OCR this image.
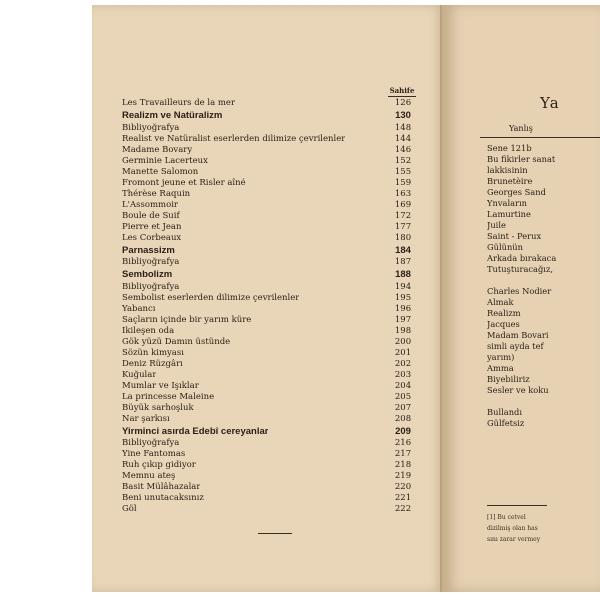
Sahife
Les Travailleurs de la mer	126
Realizm ve Natüralizm	130
Bibliyoğrafya	148
Realist ve Natüralist eserlerden dilimize çevrilenler	144
Madame Bovary	146
Germinie Lacerteux	152
Manette Salomon	155
Fromont jeune et Risler aîné	159
Thérèse Raquin	163
L'Assommoir	169
Boule de Suif	172
Pierre et Jean	177
Les Corbeaux	180
Parnassizm	184
Bibliyoğrafya	187
Sembolizm	188
Bibliyoğrafya	194
Sembolist eserlerden dilimize çevrilenler	195
Yabancı	196
Saçların içinde bir yarım küre	197
İkileşen oda	198
Gök yüzü Damın üstünde	200
Sözün kimyası	201
Deniz Rüzgârı	202
Kuğular	203
Mumlar ve Işıklar	204
La princesse Maleine	205
Büyük sarhoşluk	207
Nar şarkısı	208
Yirminci asırda Edebî cereyanlar	209
Bibliyoğrafya	216
Yine Fantomas	217
Ruh çıkıp gidiyor	218
Memnu ateş	219
Basit Mülâhazalar	220
Beni unutacaksınız	221
Göl	222
Ya
Yanlış
Sene 121b
Bu fikirler sanat
lakkisinin
Brunetèire
Georges Sand
Ynvaların
Lamurtine
Juile
Saint - Perux
Gülünün
Arkada bırakaca
Tutuşturacağız,
Charles Nodier
Almak
Realizm
Jacques
Madam Bovari
simli ayda tef
yarım)
Amma
Biyebiliriz
Sesler ve koku
Bullandı
Gülfetsiz
[1] Bu cetvel
dizilmiş olan has
sını zarar vermey
